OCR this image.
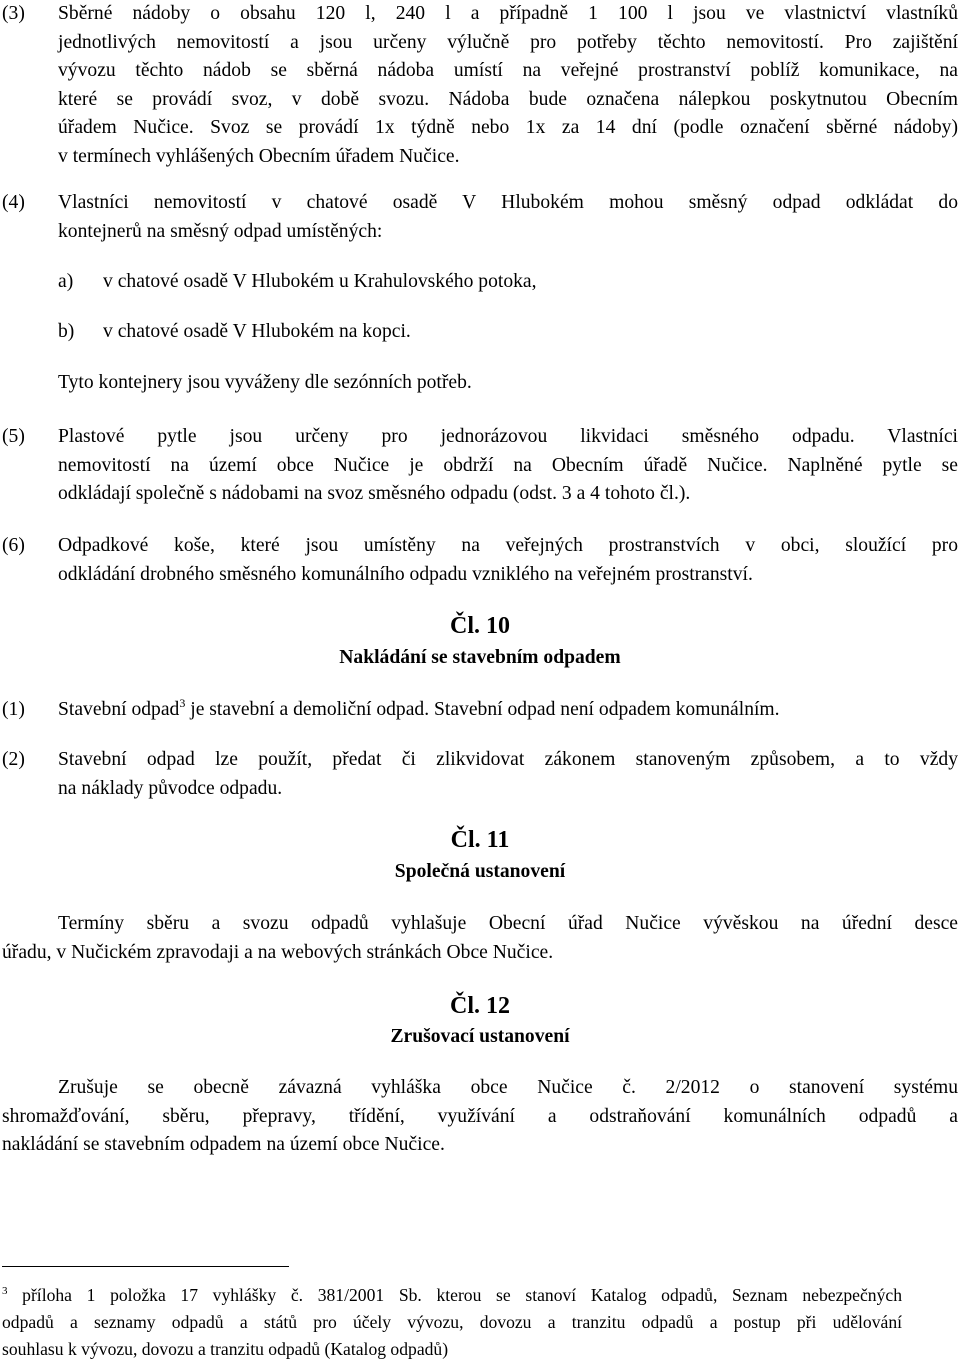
(3) Sběrné nádoby o obsahu 120 l, 240 l a případně 1 100 l jsou ve vlastnictví vlastníků
jednotlivých nemovitostí a jsou určeny výlučně pro potřeby těchto nemovitostí. Pro zajištění
vývozu těchto nádob se sběrná nádoba umístí na veřejné prostranství poblíž komunikace, na
které se provádí svoz, v době svozu. Nádoba bude označena nálepkou poskytnutou Obecním
úřadem Nučice. Svoz se provádí 1x týdně nebo 1x za 14 dní (podle označení sběrné nádoby)
v termínech vyhlášených Obecním úřadem Nučice.
(4) Vlastníci nemovitostí v chatové osadě V Hlubokém mohou směsný odpad odkládat do
kontejnerů na směsný odpad umístěných:
a) v chatové osadě V Hlubokém u Krahulovského potoka,
b) v chatové osadě V Hlubokém na kopci.
Tyto kontejnery jsou vyváženy dle sezónních potřeb.
(5) Plastové pytle jsou určeny pro jednorázovou likvidaci směsného odpadu. Vlastníci
nemovitostí na území obce Nučice je obdrží na Obecním úřadě Nučice. Naplněné pytle se
odkládají společně s nádobami na svoz směsného odpadu (odst. 3 a 4 tohoto čl.).
(6) Odpadkové koše, které jsou umístěny na veřejných prostranstvích v obci, sloužící pro
odkládání drobného směsného komunálního odpadu vzniklého na veřejném prostranství.
Čl. 10
Nakládání se stavebním odpadem
(1) Stavební odpad$^3$ je stavební a demoliční odpad. Stavební odpad není odpadem komunálním.
(2) Stavební odpad lze použít, předat či zlikvidovat zákonem stanoveným způsobem, a to vždy
na náklady původce odpadu.
Čl. 11
Společná ustanovení
Termíny sběru a svozu odpadů vyhlašuje Obecní úřad Nučice vývěskou na úřední desce
úřadu, v Nučickém zpravodaji a na webových stránkách Obce Nučice.
Čl. 12
Zrušovací ustanovení
Zrušuje se obecně závazná vyhláška obce Nučice č. 2/2012 o stanovení systému
shromažďování, sběru, přepravy, třídění, využívání a odstraňování komunálních odpadů a
nakládání se stavebním odpadem na území obce Nučice.
$^3$ příloha 1 položka 17 vyhlášky č. 381/2001 Sb. kterou se stanoví Katalog odpadů, Seznam nebezpečných
odpadů a seznamy odpadů a států pro účely vývozu, dovozu a tranzitu odpadů a postup při udělování
souhlasu k vývozu, dovozu a tranzitu odpadů (Katalog odpadů)
